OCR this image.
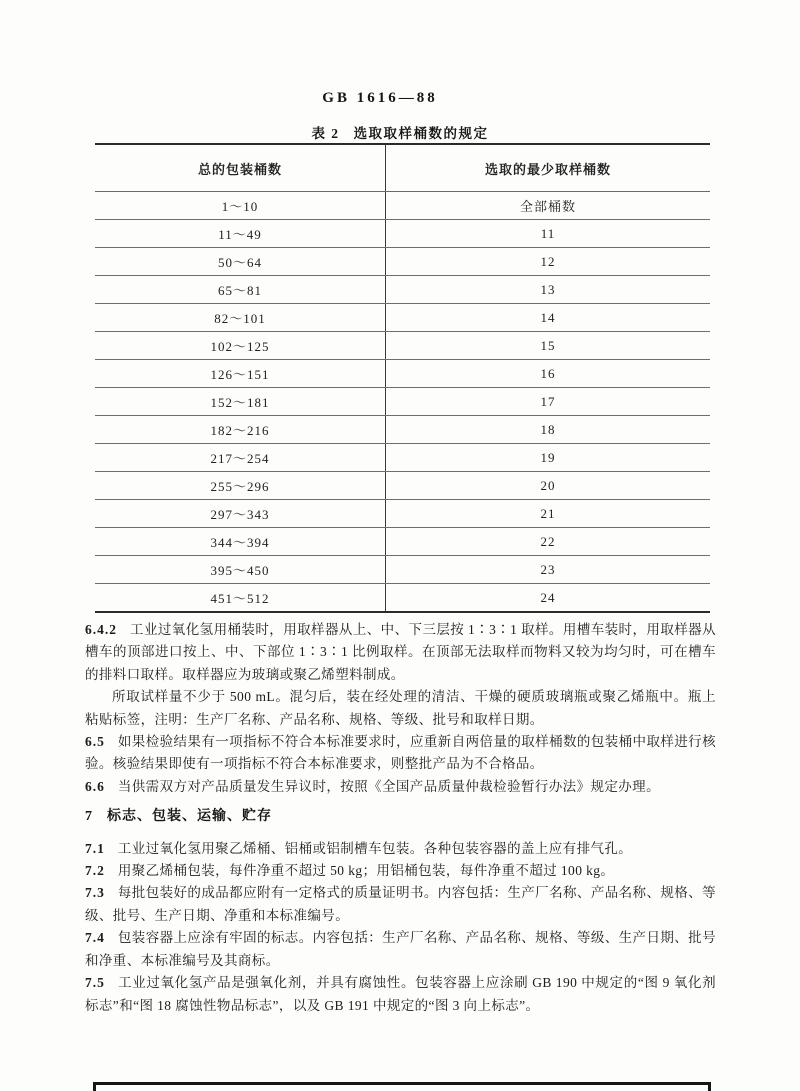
GB 1616—88
表 2 选取取样桶数的规定
总的包装桶数	选取的最少取样桶数
1～10	全部桶数
11～49	11
50～64	12
65～81	13
82～101	14
102～125	15
126～151	16
152～181	17
182～216	18
217～254	19
255～296	20
297～343	21
344～394	22
395～450	23
451～512	24

6.4.2 工业过氧化氢用桶装时，用取样器从上、中、下三层按 1∶3∶1 取样。用槽车装时，用取样器从槽车的顶部进口按上、中、下部位 1∶3∶1 比例取样。在顶部无法取样而物料又较为均匀时，可在槽车的排料口取样。取样器应为玻璃或聚乙烯塑料制成。

所取试样量不少于 500 mL。混匀后，装在经处理的清洁、干燥的硬质玻璃瓶或聚乙烯瓶中。瓶上粘贴标签，注明：生产厂名称、产品名称、规格、等级、批号和取样日期。

6.5 如果检验结果有一项指标不符合本标准要求时，应重新自两倍量的取样桶数的包装桶中取样进行核验。核验结果即使有一项指标不符合本标准要求，则整批产品为不合格品。

6.6 当供需双方对产品质量发生异议时，按照《全国产品质量仲裁检验暂行办法》规定办理。

7 标志、包装、运输、贮存

7.1 工业过氧化氢用聚乙烯桶、铝桶或铝制槽车包装。各种包装容器的盖上应有排气孔。

7.2 用聚乙烯桶包装，每件净重不超过 50 kg；用铝桶包装，每件净重不超过 100 kg。

7.3 每批包装好的成品都应附有一定格式的质量证明书。内容包括：生产厂名称、产品名称、规格、等级、批号、生产日期、净重和本标准编号。

7.4 包装容器上应涂有牢固的标志。内容包括：生产厂名称、产品名称、规格、等级、生产日期、批号和净重、本标准编号及其商标。

7.5 工业过氧化氢产品是强氧化剂，并具有腐蚀性。包装容器上应涂刷 GB 190 中规定的“图 9 氧化剂标志”和“图 18 腐蚀性物品标志”，以及 GB 191 中规定的“图 3 向上标志”。
